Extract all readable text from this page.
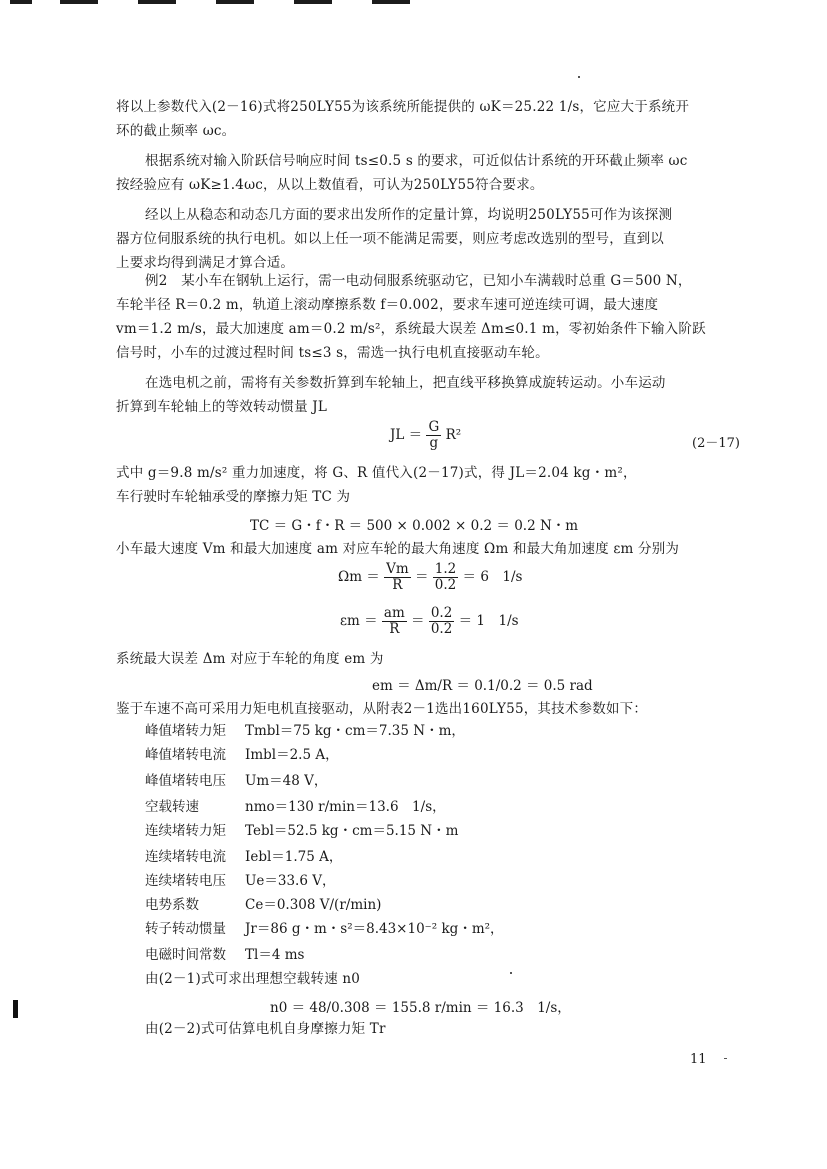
将以上参数代入(2－16)式将250LY55为该系统所能提供的 ωK＝25.22 1/s，它应大于系统开
环的截止频率 ωc。
根据系统对输入阶跃信号响应时间 ts≤0.5 s 的要求，可近似估计系统的开环截止频率 ωc
按经验应有 ωK≥1.4ωc，从以上数值看，可认为250LY55符合要求。
经以上从稳态和动态几方面的要求出发所作的定量计算，均说明250LY55可作为该探测
器方位伺服系统的执行电机。如以上任一项不能满足需要，则应考虑改选别的型号，直到以
上要求均得到满足才算合适。
例2　某小车在钢轨上运行，需一电动伺服系统驱动它，已知小车满载时总重 G＝500 N，
车轮半径 R＝0.2 m，轨道上滚动摩擦系数 f＝0.002，要求车速可逆连续可调，最大速度
vm＝1.2 m/s，最大加速度 am＝0.2 m/s²，系统最大误差 Δm≤0.1 m，零初始条件下输入阶跃
信号时，小车的过渡过程时间 ts≤3 s，需选一执行电机直接驱动车轮。
在选电机之前，需将有关参数折算到车轮轴上，把直线平移换算成旋转运动。小车运动
折算到车轮轴上的等效转动惯量 JL
JL ＝ $\frac{G}{g} R^2$
(2－17)
式中 g＝9.8 m/s² 重力加速度，将 G、R 值代入(2－17)式，得 JL＝2.04 kg・m²，
车行驶时车轮轴承受的摩擦力矩 TC 为
TC ＝ G・f・R ＝ 500 × 0.002 × 0.2 ＝ 0.2 N・m
小车最大速度 Vm 和最大加速度 am 对应车轮的最大角速度 Ωm 和最大角加速度 εm 分别为
$\Omega m = \frac{Vm}{R} = \frac{1.2}{0.2} = 6$　1/s
$\varepsilon m = \frac{am}{R} = \frac{0.2}{0.2} = 1$　1/s
系统最大误差 Δm 对应于车轮的角度 em 为
em ＝ Δm/R ＝ 0.1/0.2 ＝ 0.5 rad
鉴于车速不高可采用力矩电机直接驱动，从附表2－1选出160LY55，其技术参数如下：
峰值堵转力矩 Tmbl＝75 kg・cm＝7.35 N・m，
峰值堵转电流 Imbl＝2.5 A，
峰值堵转电压 Um＝48 V，
空载转速	nmo＝130 r/min＝13.6　1/s，
连续堵转力矩 Tebl＝52.5 kg・cm＝5.15 N・m
连续堵转电流 Iebl＝1.75 A，
连续堵转电压 Ue＝33.6 V，
电势系数	Ce＝0.308 V/(r/min)
转子转动惯量 Jr＝86 g・m・s²＝8.43×10⁻² kg・m²，
电磁时间常数 Tl＝4 ms
由(2－1)式可求出理想空载转速 n0
n0 ＝ 48/0.308 ＝ 155.8 r/min ＝ 16.3　1/s，
由(2－2)式可估算电机自身摩擦力矩 Tr
11
